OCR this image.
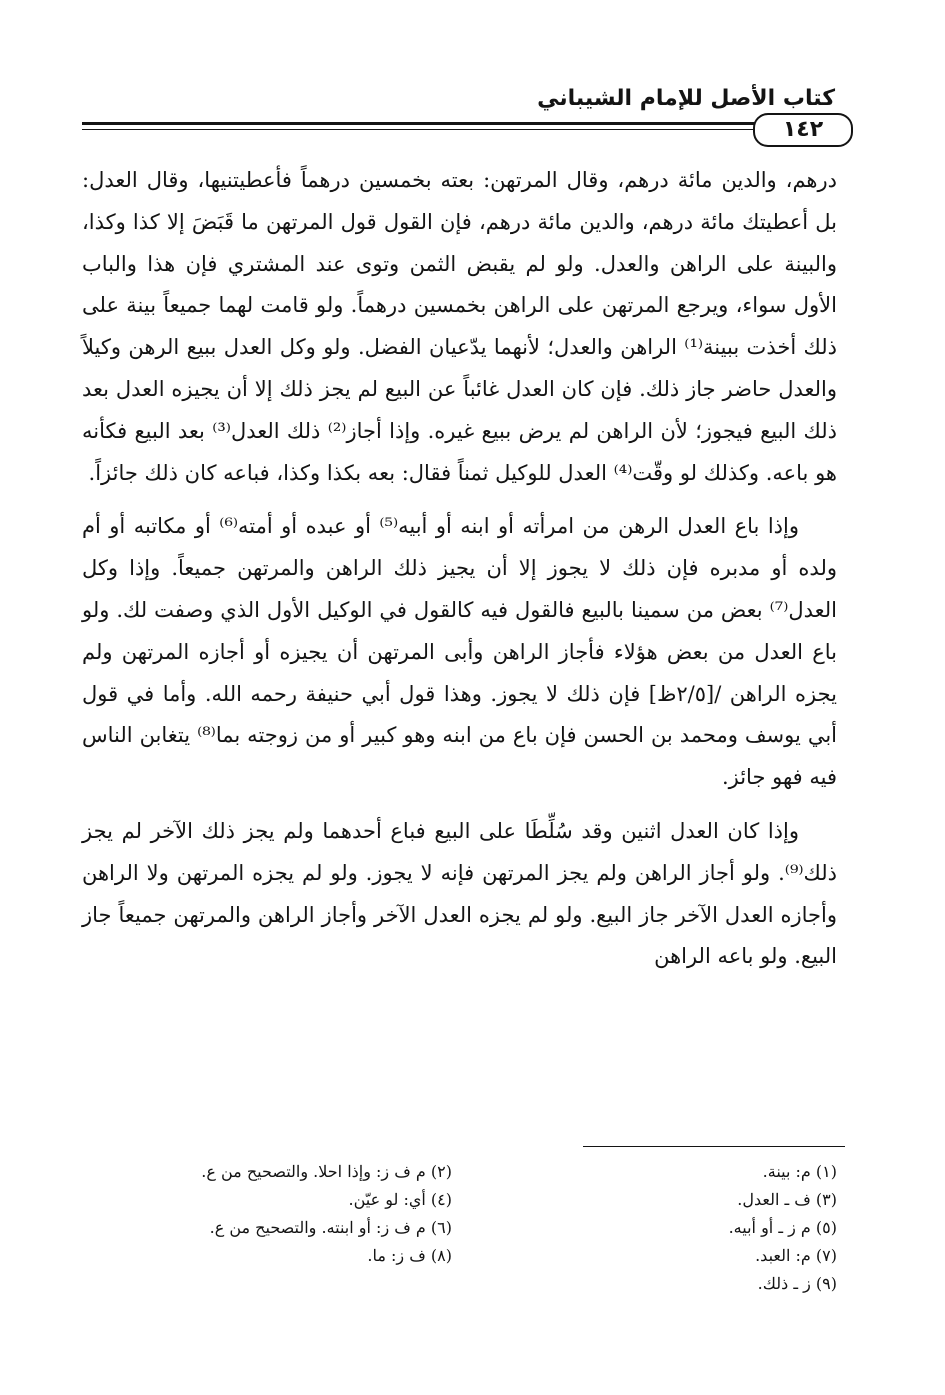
كتاب الأصل للإمام الشيباني
١٤٢

درهم، والدين مائة درهم، وقال المرتهن: بعته بخمسين درهماً فأعطيتنيها، وقال العدل: بل أعطيتك مائة درهم، والدين مائة درهم، فإن القول قول المرتهن ما قَبَضَ إلا كذا وكذا، والبينة على الراهن والعدل. ولو لم يقبض الثمن وتوى عند المشتري فإن هذا والباب الأول سواء، ويرجع المرتهن على الراهن بخمسين درهماً. ولو قامت لهما جميعاً بينة على ذلك أخذت ببينة⁽¹⁾ الراهن والعدل؛ لأنهما يدّعيان الفضل. ولو وكل العدل ببيع الرهن وكيلاً والعدل حاضر جاز ذلك. فإن كان العدل غائباً عن البيع لم يجز ذلك إلا أن يجيزه العدل بعد ذلك البيع فيجوز؛ لأن الراهن لم يرض ببيع غيره. وإذا أجاز⁽²⁾ ذلك العدل⁽³⁾ بعد البيع فكأنه هو باعه. وكذلك لو وقّت⁽⁴⁾ العدل للوكيل ثمناً فقال: بعه بكذا وكذا، فباعه كان ذلك جائزاً.

وإذا باع العدل الرهن من امرأته أو ابنه أو أبيه⁽⁵⁾ أو عبده أو أمته⁽⁶⁾ أو مكاتبه أو أم ولده أو مدبره فإن ذلك لا يجوز إلا أن يجيز ذلك الراهن والمرتهن جميعاً. وإذا وكل العدل⁽⁷⁾ بعض من سمينا بالبيع فالقول فيه كالقول في الوكيل الأول الذي وصفت لك. ولو باع العدل من بعض هؤلاء فأجاز الراهن وأبى المرتهن أن يجيزه أو أجازه المرتهن ولم يجزه الراهن /[٢/٥ظ] فإن ذلك لا يجوز. وهذا قول أبي حنيفة رحمه الله. وأما في قول أبي يوسف ومحمد بن الحسن فإن باع من ابنه وهو كبير أو من زوجته بما⁽⁸⁾ يتغابن الناس فيه فهو جائز.

وإذا كان العدل اثنين وقد سُلِّطَا على البيع فباع أحدهما ولم يجز ذلك الآخر لم يجز ذلك⁽⁹⁾. ولو أجاز الراهن ولم يجز المرتهن فإنه لا يجوز. ولو لم يجزه المرتهن ولا الراهن وأجازه العدل الآخر جاز البيع. ولو لم يجزه العدل الآخر وأجاز الراهن والمرتهن جميعاً جاز البيع. ولو باعه الراهن

(١) م: بينة.
(٣) ف ـ العدل.
(٥) م ز ـ أو أبيه.
(٧) م: العبد.
(٩) ز ـ ذلك.
(٢) م ف ز: وإذا احلا. والتصحيح من ع.
(٤) أي: لو عيّن.
(٦) م ف ز: أو ابنته. والتصحيح من ع.
(٨) ف ز: ما.
